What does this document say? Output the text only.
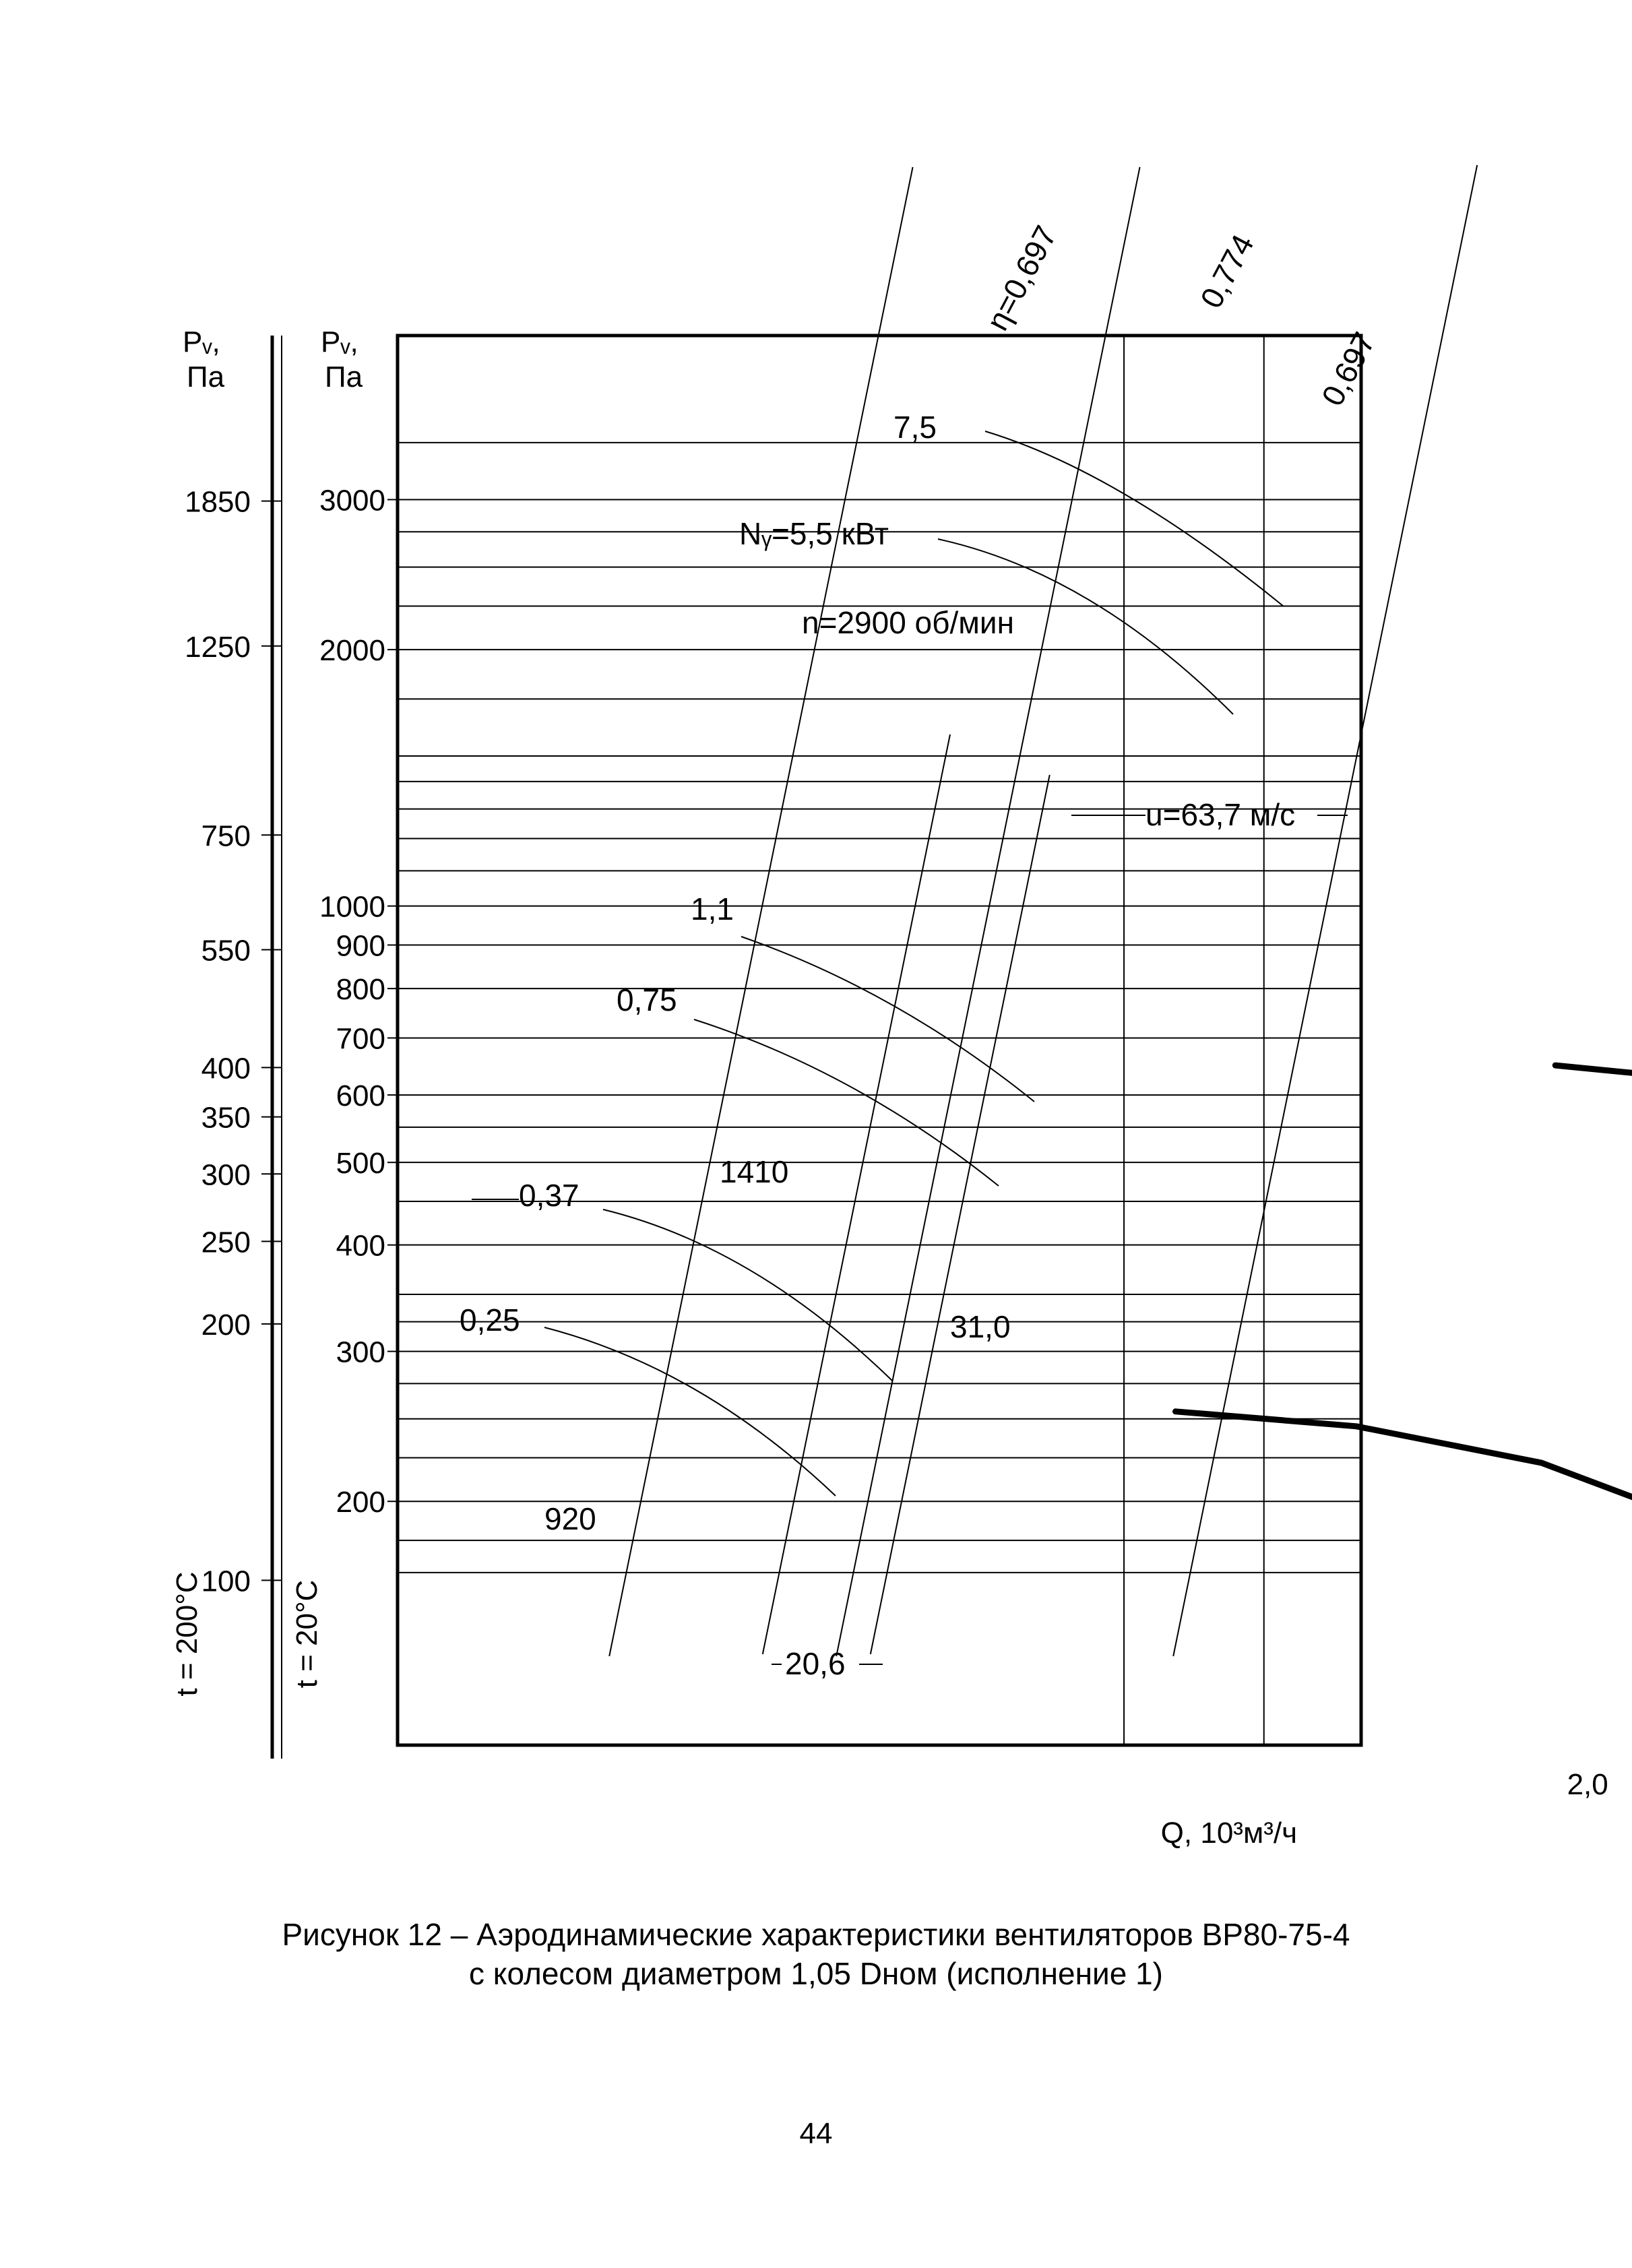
Pᵥ, Па
Pᵥ, Па
t = 200°C	t = 20°C
Q, 10³м³/ч
3000
2000
1000
900
800
700
600
500
400
300
200
1850
1250
750
550
400
350
300
250
200
100
2,0
η=0,697	0,774
0,697
7,5
Nᵧ=5,5 кВт
1,1
0,75
0,37
0,25
n=2900 об/мин
u=63,7 м/с
1410
31,0
920
20,6
Рисунок 12 – Аэродинамические характеристики вентиляторов ВР80-75-4
с колесом диаметром 1,05 Dном (исполнение 1)
44
